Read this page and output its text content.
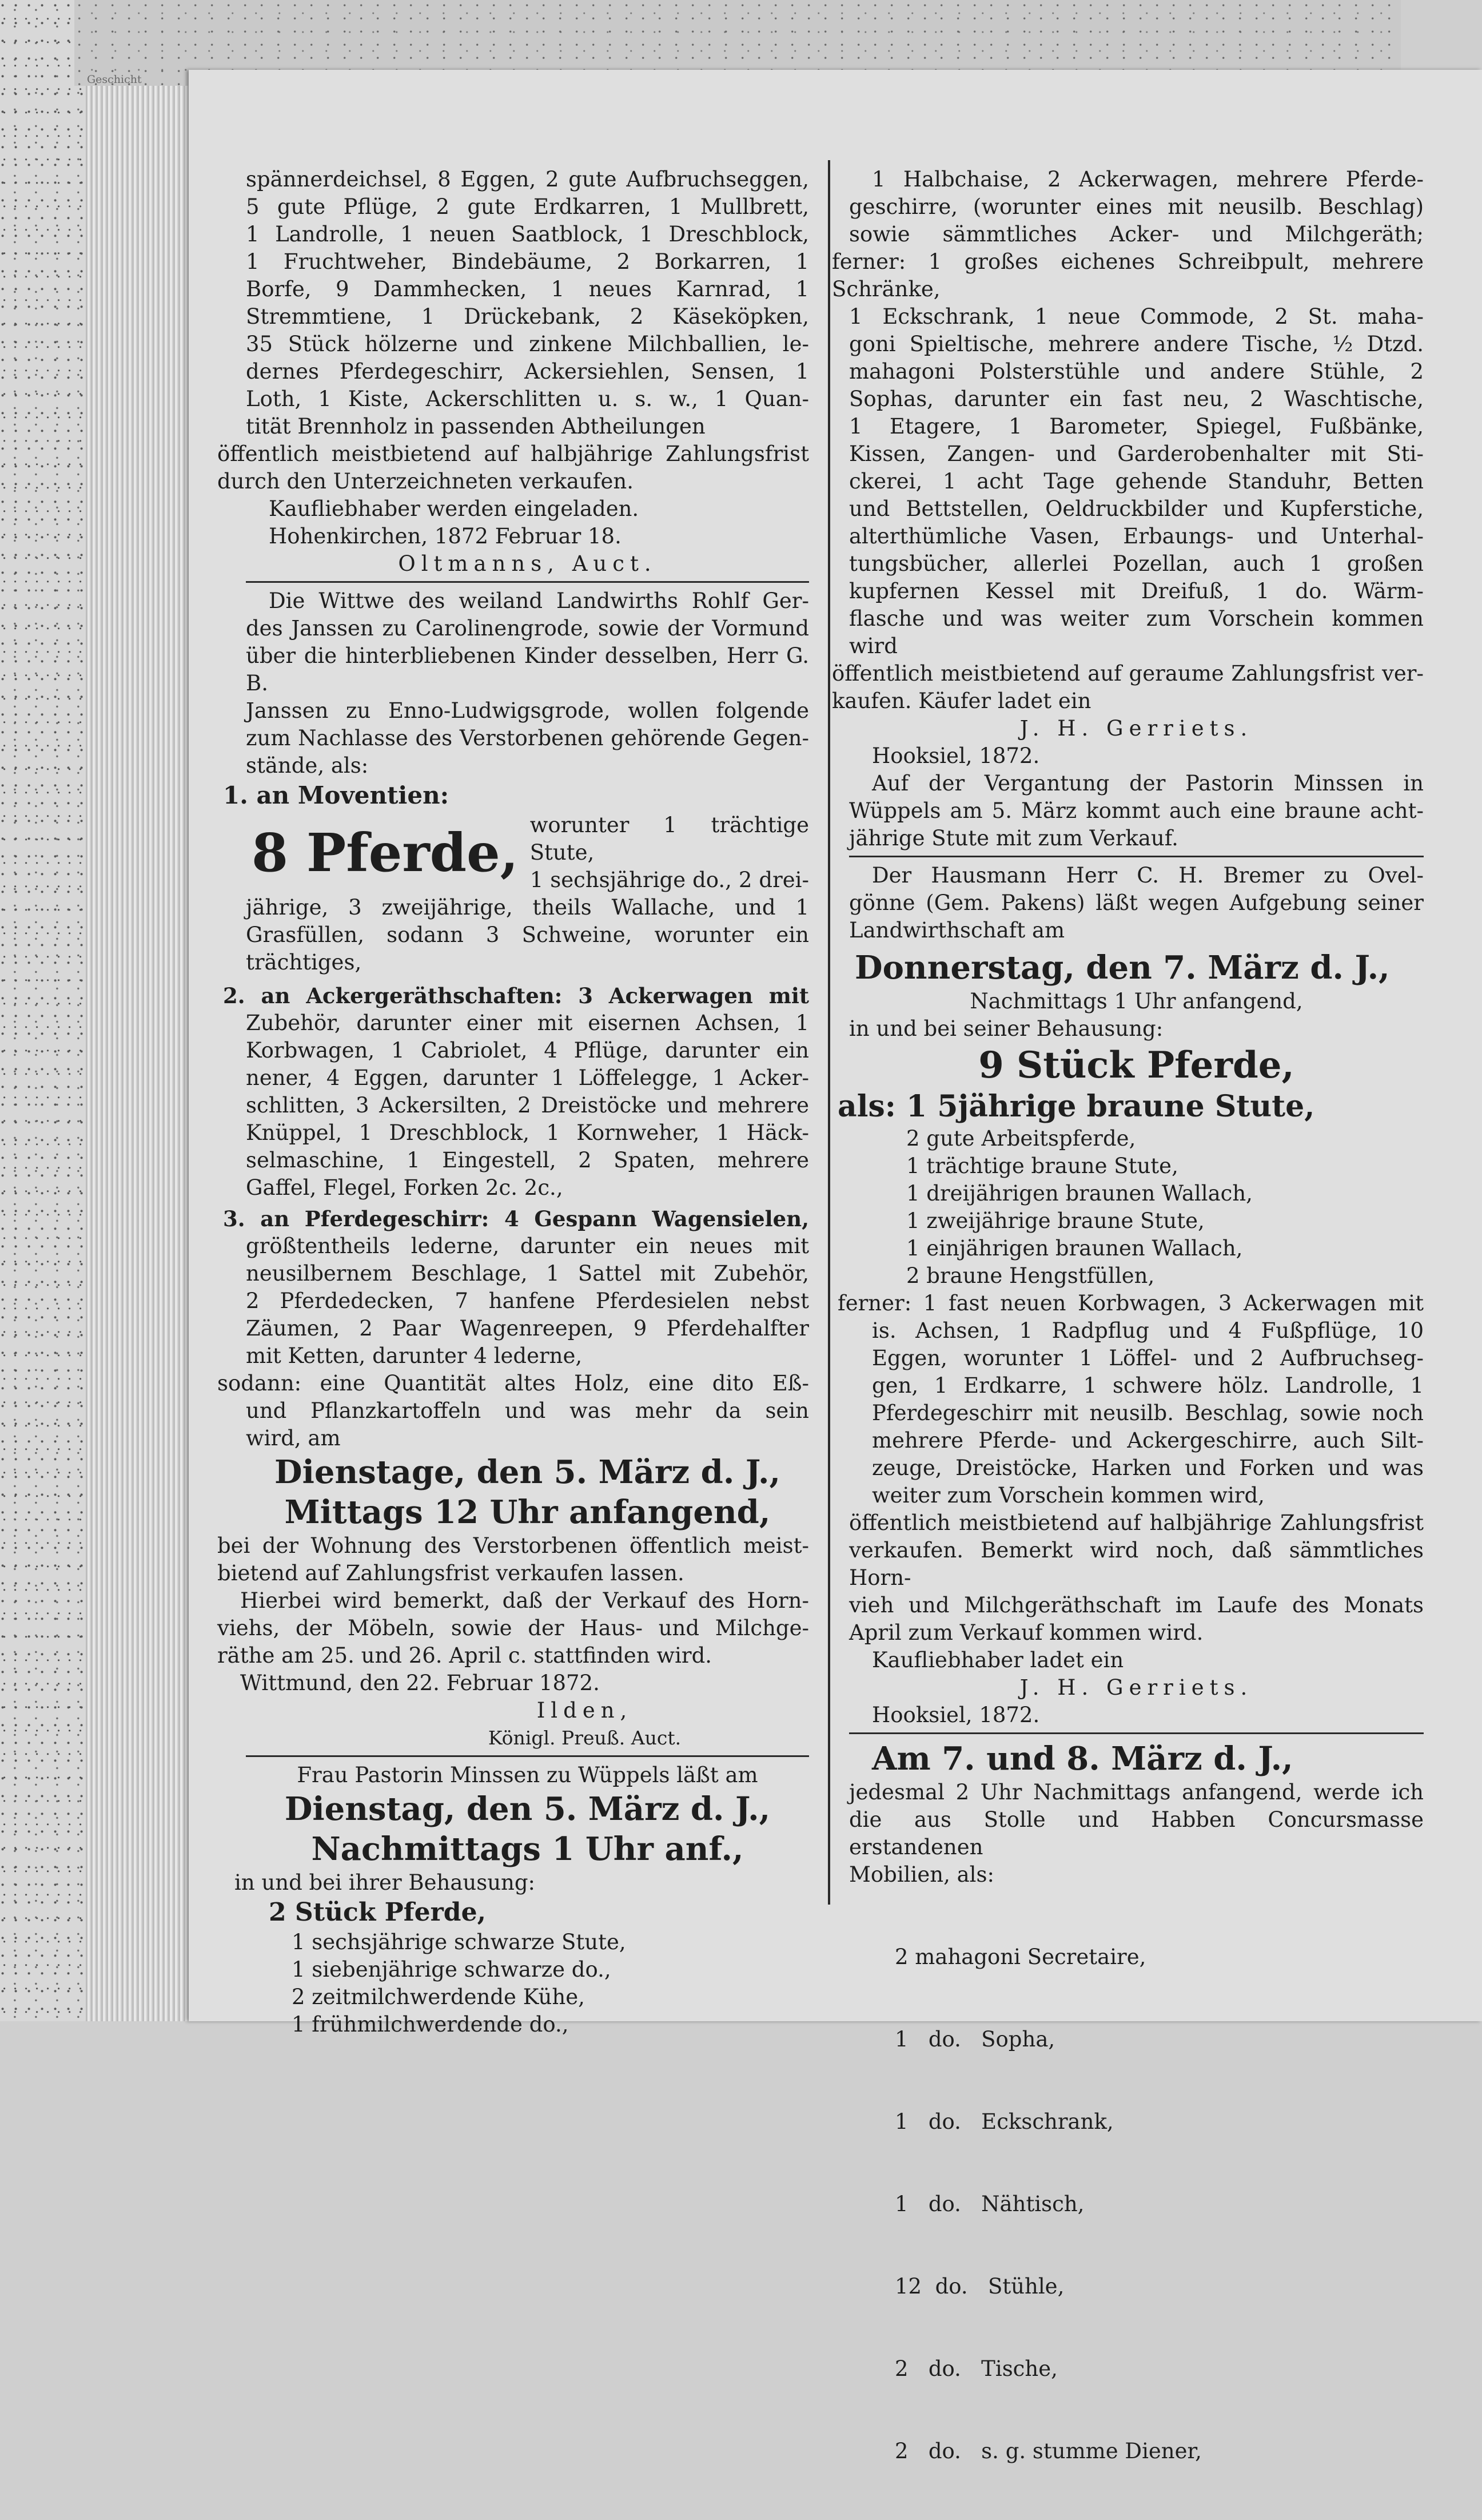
Geschicht

spännerdeichsel, 8 Eggen, 2 gute Aufbruchseggen,

5 gute Pflüge, 2 gute Erdkarren, 1 Mullbrett,

1 Landrolle, 1 neuen Saatblock, 1 Dreschblock,

1 Fruchtweher, Bindebäume, 2 Borkarren, 1

Borfe, 9 Dammhecken, 1 neues Karnrad, 1

Stremmtiene, 1 Drückebank, 2 Käseköpken,

35 Stück hölzerne und zinkene Milchballien, le-

dernes Pferdegeschirr, Ackersiehlen, Sensen, 1

Loth, 1 Kiste, Ackerschlitten u. s. w., 1 Quan-

tität Brennholz in passenden Abtheilungen

öffentlich meistbietend auf halbjährige Zahlungsfrist

durch den Unterzeichneten verkaufen.

Kaufliebhaber werden eingeladen.

Hohenkirchen, 1872 Februar 18.

Oltmanns, Auct.

Die Wittwe des weiland Landwirths Rohlf Ger-

des Janssen zu Carolinengrode, sowie der Vormund

über die hinterbliebenen Kinder desselben, Herr G. B.

Janssen zu Enno-Ludwigsgrode, wollen folgende

zum Nachlasse des Verstorbenen gehörende Gegen-

stände, als:

1. an Moventien:

8 Pferde, worunter 1 trächtige Stute,

1 sechsjährige do., 2 drei-

jährige, 3 zweijährige, theils Wallache, und 1

Grasfüllen, sodann 3 Schweine, worunter ein

trächtiges,

2. an Ackergeräthschaften: 3 Ackerwagen mit

Zubehör, darunter einer mit eisernen Achsen, 1

Korbwagen, 1 Cabriolet, 4 Pflüge, darunter ein

nener, 4 Eggen, darunter 1 Löffelegge, 1 Acker-

schlitten, 3 Ackersilten, 2 Dreistöcke und mehrere

Knüppel, 1 Dreschblock, 1 Kornweher, 1 Häck-

selmaschine, 1 Eingestell, 2 Spaten, mehrere

Gaffel, Flegel, Forken 2c. 2c.,

3. an Pferdegeschirr: 4 Gespann Wagensielen,

größtentheils lederne, darunter ein neues mit

neusilbernem Beschlage, 1 Sattel mit Zubehör,

2 Pferdedecken, 7 hanfene Pferdesielen nebst

Zäumen, 2 Paar Wagenreepen, 9 Pferdehalfter

mit Ketten, darunter 4 lederne,

sodann: eine Quantität altes Holz, eine dito Eß-

und Pflanzkartoffeln und was mehr da sein

wird, am

Dienstage, den 5. März d. J.,

Mittags 12 Uhr anfangend,

bei der Wohnung des Verstorbenen öffentlich meist-

bietend auf Zahlungsfrist verkaufen lassen.

Hierbei wird bemerkt, daß der Verkauf des Horn-

viehs, der Möbeln, sowie der Haus- und Milchge-

räthe am 25. und 26. April c. stattfinden wird.

Wittmund, den 22. Februar 1872.

Ilden,

Königl. Preuß. Auct.

Frau Pastorin Minssen zu Wüppels läßt am

Dienstag, den 5. März d. J.,

Nachmittags 1 Uhr anf.,

in und bei ihrer Behausung:

2 Stück Pferde,

1 sechsjährige schwarze Stute,

1 siebenjährige schwarze do.,

2 zeitmilchwerdende Kühe,

1 frühmilchwerdende do.,

1 Halbchaise, 2 Ackerwagen, mehrere Pferde-

geschirre, (worunter eines mit neusilb. Beschlag)

sowie sämmtliches Acker- und Milchgeräth;

ferner: 1 großes eichenes Schreibpult, mehrere Schränke,

1 Eckschrank, 1 neue Commode, 2 St. maha-

goni Spieltische, mehrere andere Tische, ½ Dtzd.

mahagoni Polsterstühle und andere Stühle, 2

Sophas, darunter ein fast neu, 2 Waschtische,

1 Etagere, 1 Barometer, Spiegel, Fußbänke,

Kissen, Zangen- und Garderobenhalter mit Sti-

ckerei, 1 acht Tage gehende Standuhr, Betten

und Bettstellen, Oeldruckbilder und Kupferstiche,

alterthümliche Vasen, Erbaungs- und Unterhal-

tungsbücher, allerlei Pozellan, auch 1 großen

kupfernen Kessel mit Dreifuß, 1 do. Wärm-

flasche und was weiter zum Vorschein kommen

wird

öffentlich meistbietend auf geraume Zahlungsfrist ver-

kaufen. Käufer ladet ein

J. H. Gerriets.

Hooksiel, 1872.

Auf der Vergantung der Pastorin Minssen in

Wüppels am 5. März kommt auch eine braune acht-

jährige Stute mit zum Verkauf.

Der Hausmann Herr C. H. Bremer zu Ovel-

gönne (Gem. Pakens) läßt wegen Aufgebung seiner

Landwirthschaft am

Donnerstag, den 7. März d. J.,

Nachmittags 1 Uhr anfangend,

in und bei seiner Behausung:

9 Stück Pferde,

als: 1 5jährige braune Stute,

2 gute Arbeitspferde,

1 trächtige braune Stute,

1 dreijährigen braunen Wallach,

1 zweijährige braune Stute,

1 einjährigen braunen Wallach,

2 braune Hengstfüllen,

ferner: 1 fast neuen Korbwagen, 3 Ackerwagen mit

is. Achsen, 1 Radpflug und 4 Fußpflüge, 10

Eggen, worunter 1 Löffel- und 2 Aufbruchseg-

gen, 1 Erdkarre, 1 schwere hölz. Landrolle, 1

Pferdegeschirr mit neusilb. Beschlag, sowie noch

mehrere Pferde- und Ackergeschirre, auch Silt-

zeuge, Dreistöcke, Harken und Forken und was

weiter zum Vorschein kommen wird,

öffentlich meistbietend auf halbjährige Zahlungsfrist

verkaufen. Bemerkt wird noch, daß sämmtliches Horn-

vieh und Milchgeräthschaft im Laufe des Monats

April zum Verkauf kommen wird.

Kaufliebhaber ladet ein

J. H. Gerriets.

Hooksiel, 1872.

Am 7. und 8. März d. J.,

jedesmal 2 Uhr Nachmittags anfangend, werde ich

die aus Stolle und Habben Concursmasse erstandenen

Mobilien, als:

2 mahagoni Secretaire,

1   do.   Sopha,

1   do.   Eckschrank,

1   do.   Nähtisch,

12  do.   Stühle,

2   do.   Tische,

2   do.   s. g. stumme Diener,
